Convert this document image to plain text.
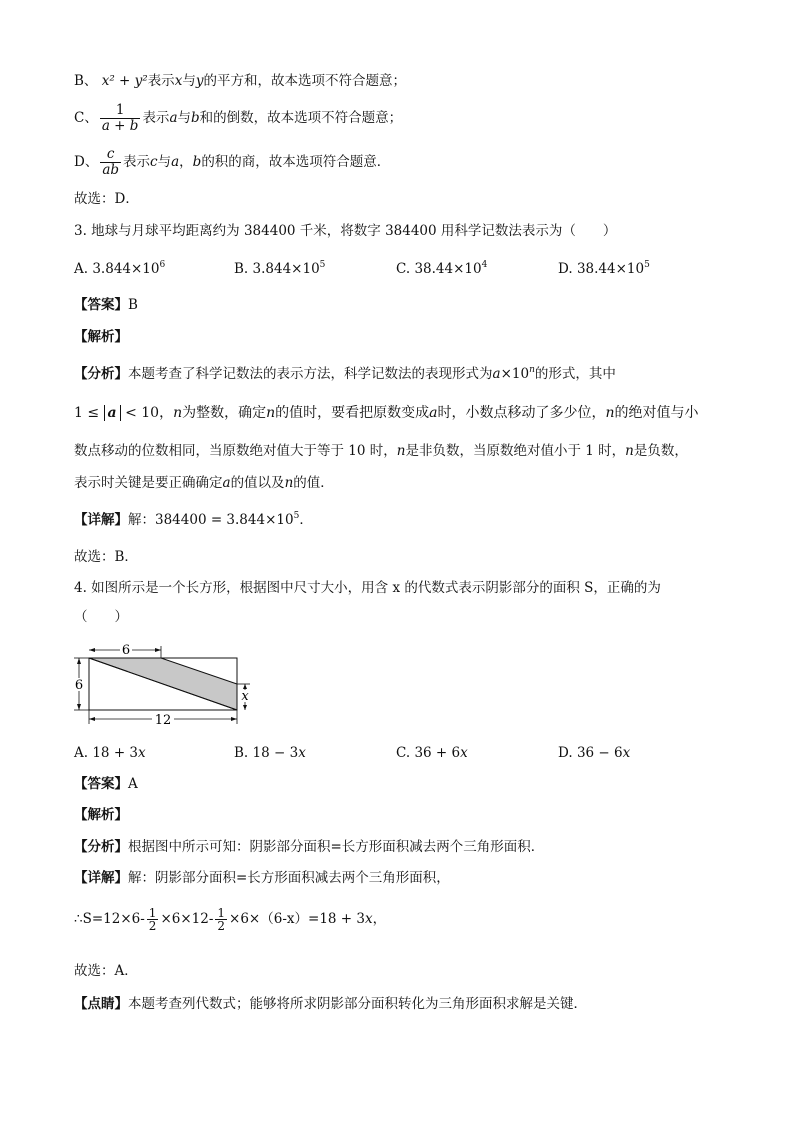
B、 x² + y²表示x与y的平方和，故本选项不符合题意；
C、 $\frac{1}{a + b}$ 表示a与b和的倒数，故本选项不符合题意；
D、 $\frac{c}{ab}$ 表示c与a，b的积的商，故本选项符合题意．
故选：D．
3. 地球与月球平均距离约为 384400 千米，将数字 384400 用科学记数法表示为（　　）
A. $3.844\times 10^6$	B. $3.844\times 10^5$	C. $38.44\times 10^4$	D. $38.44\times 10^5$
【答案】B
【解析】
【分析】本题考查了科学记数法的表示方法，科学记数法的表现形式为$a\times 10^n$的形式，其中
1 ≤ a < 10，n为整数，确定n的值时，要看把原数变成a时，小数点移动了多少位，n的绝对值与小
数点移动的位数相同，当原数绝对值大于等于 10 时，n是非负数，当原数绝对值小于 1 时，n是负数，
表示时关键是要正确确定a的值以及n的值．
【详解】解：$384400 = 3.844\times 10^5$．
故选：B．
4. 如图所示是一个长方形，根据图中尺寸大小，用含 x 的代数式表示阴影部分的面积 S，正确的为
（　　）
6
6
x
12
A. 18 + 3x	B. 18 − 3x	C. 36 + 6x	D. 36 − 6x
【答案】A
【解析】
【分析】根据图中所示可知：阴影部分面积=长方形面积减去两个三角形面积．
【详解】解：阴影部分面积=长方形面积减去两个三角形面积，
∴S=12×6- $\frac{1}{2} \times 6\times 12- \frac{1}{2} \times 6\times(6-x)=18 + 3x$，
故选：A．
【点睛】本题考查列代数式；能够将所求阴影部分面积转化为三角形面积求解是关键．
